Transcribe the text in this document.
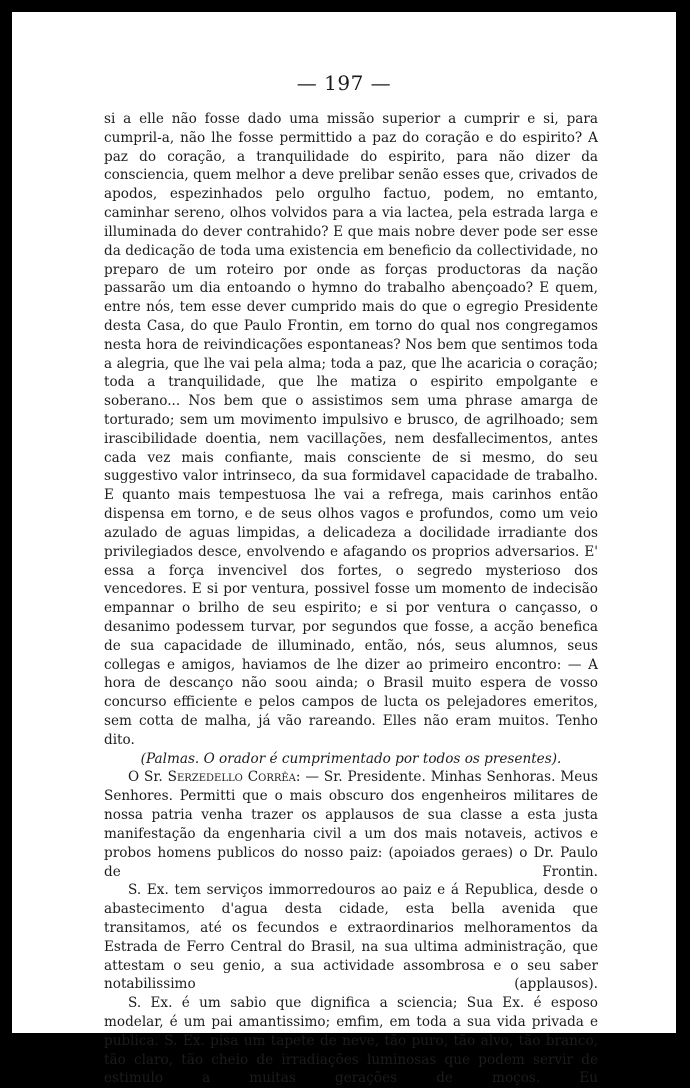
— 197 —

si a elle não fosse dado uma missão superior a cumprir e si, para cumpril-a, não lhe fosse permittido a paz do coração e do espirito? A paz do coração, a tranquilidade do espirito, para não dizer da consciencia, quem melhor a deve prelibar senão esses que, crivados de apodos, espezinhados pelo orgulho factuo, podem, no emtanto, caminhar sereno, olhos volvidos para a via lactea, pela estrada larga e illuminada do dever contrahido? E que mais nobre dever pode ser esse da dedicação de toda uma existencia em beneficio da collectividade, no preparo de um roteiro por onde as forças productoras da nação passarão um dia entoando o hymno do trabalho abençoado? E quem, entre nós, tem esse dever cumprido mais do que o egregio Presidente desta Casa, do que Paulo Frontin, em torno do qual nos congregamos nesta hora de reivindicações espontaneas? Nos bem que sentimos toda a alegria, que lhe vai pela alma; toda a paz, que lhe acaricia o coração; toda a tranquilidade, que lhe matiza o espirito empolgante e soberano... Nos bem que o assistimos sem uma phrase amarga de torturado; sem um movimento impulsivo e brusco, de agrilhoado; sem irascibilidade doentia, nem vacillações, nem desfallecimentos, antes cada vez mais confiante, mais consciente de si mesmo, do seu suggestivo valor intrinseco, da sua formidavel capacidade de trabalho. E quanto mais tempestuosa lhe vai a refrega, mais carinhos então dispensa em torno, e de seus olhos vagos e profundos, como um veio azulado de aguas limpidas, a delicadeza a docilidade irradiante dos privilegiados desce, envolvendo e afagando os proprios adversarios. E' essa a força invencivel dos fortes, o segredo mysterioso dos vencedores. E si por ventura, possivel fosse um momento de indecisão empannar o brilho de seu espirito; e si por ventura o cançasso, o desanimo podessem turvar, por segundos que fosse, a acção benefica de sua capacidade de illuminado, então, nós, seus alumnos, seus collegas e amigos, haviamos de lhe dizer ao primeiro encontro: — A hora de descanço não soou ainda; o Brasil muito espera de vosso concurso efficiente e pelos campos de lucta os pelejadores emeritos, sem cotta de malha, já vão rareando. Elles não eram muitos. Tenho dito.

(Palmas. O orador é cumprimentado por todos os presentes).

O Sr. Serzedello Corrêa: — Sr. Presidente. Minhas Senhoras. Meus Senhores. Permitti que o mais obscuro dos engenheiros militares de nossa patria venha trazer os applausos de sua classe a esta justa manifestação da engenharia civil a um dos mais notaveis, activos e probos homens publicos do nosso paiz: (apoiados geraes) o Dr. Paulo de Frontin.

S. Ex. tem serviços immorredouros ao paiz e á Republica, desde o abastecimento d'agua desta cidade, esta bella avenida que transitamos, até os fecundos e extraordinarios melhoramentos da Estrada de Ferro Central do Brasil, na sua ultima administração, que attestam o seu genio, a sua actividade assombrosa e o seu saber notabilissimo (applausos).

S. Ex. é um sabio que dignifica a sciencia; Sua Ex. é esposo modelar, é um pai amantissimo; emfim, em toda a sua vida privada e publica. S. Ex. pisa um tapete de neve, tão puro, tão alvo, tão branco, tão claro, tão cheio de irradiações luminosas que podem servir de estimulo a muitas gerações de moços. Eu
